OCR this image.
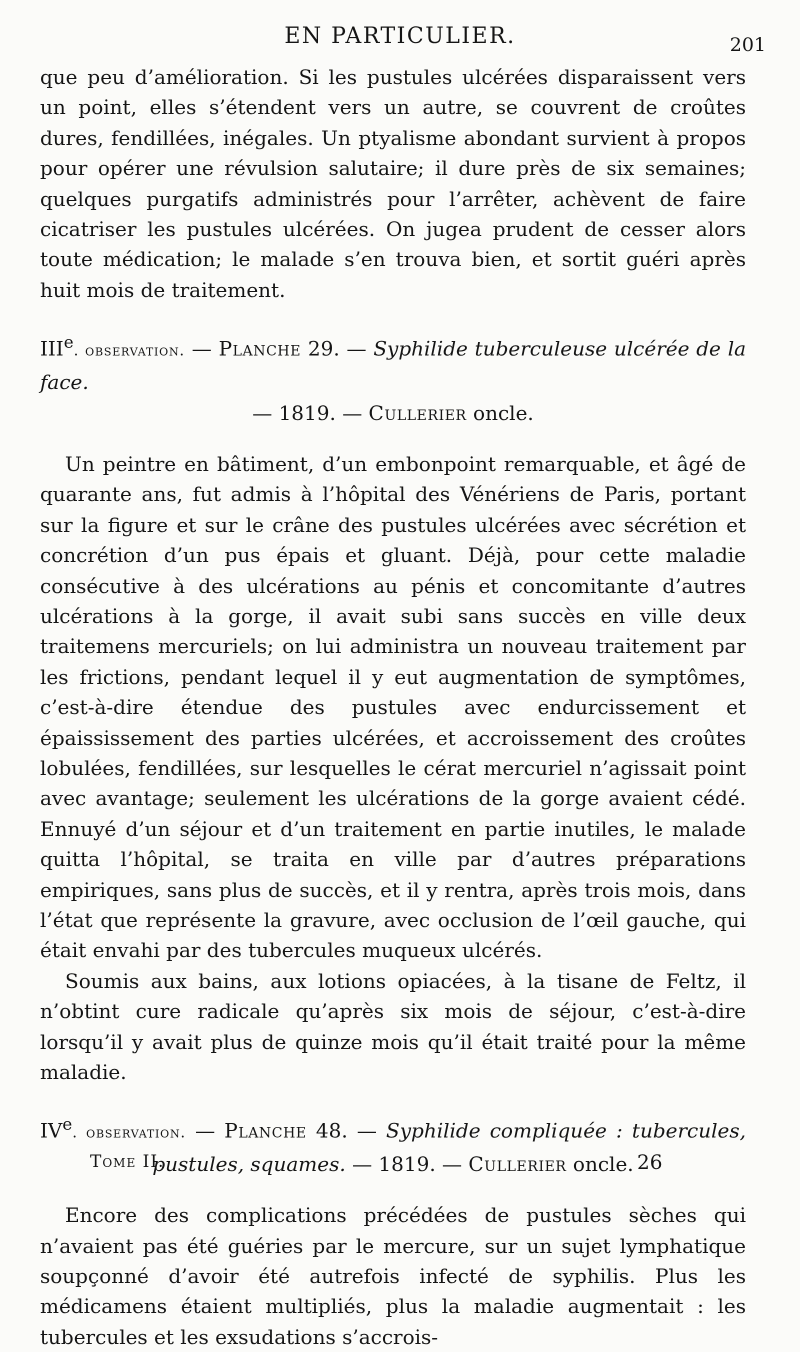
EN PARTICULIER.	201

que peu d’amélioration. Si les pustules ulcérées disparaissent vers un point, elles s’étendent vers un autre, se couvrent de croûtes dures, fendillées, inégales. Un ptyalisme abondant survient à propos pour opérer une révulsion salutaire; il dure près de six semaines; quelques purgatifs administrés pour l’arrêter, achèvent de faire cicatriser les pustules ulcérées. On jugea prudent de cesser alors toute médication; le malade s’en trouva bien, et sortit guéri après huit mois de traitement.

IIIe. observation. — Planche 29. — Syphilide tuberculeuse ulcérée de la face.
— 1819. — Cullerier oncle.

Un peintre en bâtiment, d’un embonpoint remarquable, et âgé de quarante ans, fut admis à l’hôpital des Vénériens de Paris, portant sur la figure et sur le crâne des pustules ulcérées avec sécrétion et concrétion d’un pus épais et gluant. Déjà, pour cette maladie consécutive à des ulcérations au pénis et concomitante d’autres ulcérations à la gorge, il avait subi sans succès en ville deux traitemens mercuriels; on lui administra un nouveau traitement par les frictions, pendant lequel il y eut augmentation de symptômes, c’est-à-dire étendue des pustules avec endurcissement et épaississement des parties ulcérées, et accroissement des croûtes lobulées, fendillées, sur lesquelles le cérat mercuriel n’agissait point avec avantage; seulement les ulcérations de la gorge avaient cédé. Ennuyé d’un séjour et d’un traitement en partie inutiles, le malade quitta l’hôpital, se traita en ville par d’autres préparations empiriques, sans plus de succès, et il y rentra, après trois mois, dans l’état que représente la gravure, avec occlusion de l’œil gauche, qui était envahi par des tubercules muqueux ulcérés.

Soumis aux bains, aux lotions opiacées, à la tisane de Feltz, il n’obtint cure radicale qu’après six mois de séjour, c’est-à-dire lorsqu’il y avait plus de quinze mois qu’il était traité pour la même maladie.

IVe. observation. — Planche 48. — Syphilide compliquée : tubercules,
pustules, squames. — 1819. — Cullerier oncle.

Encore des complications précédées de pustules sèches qui n’avaient pas été guéries par le mercure, sur un sujet lymphatique soupçonné d’avoir été autrefois infecté de syphilis. Plus les médicamens étaient multipliés, plus la maladie augmentait : les tubercules et les exsudations s’accrois-

Tome II.	26
